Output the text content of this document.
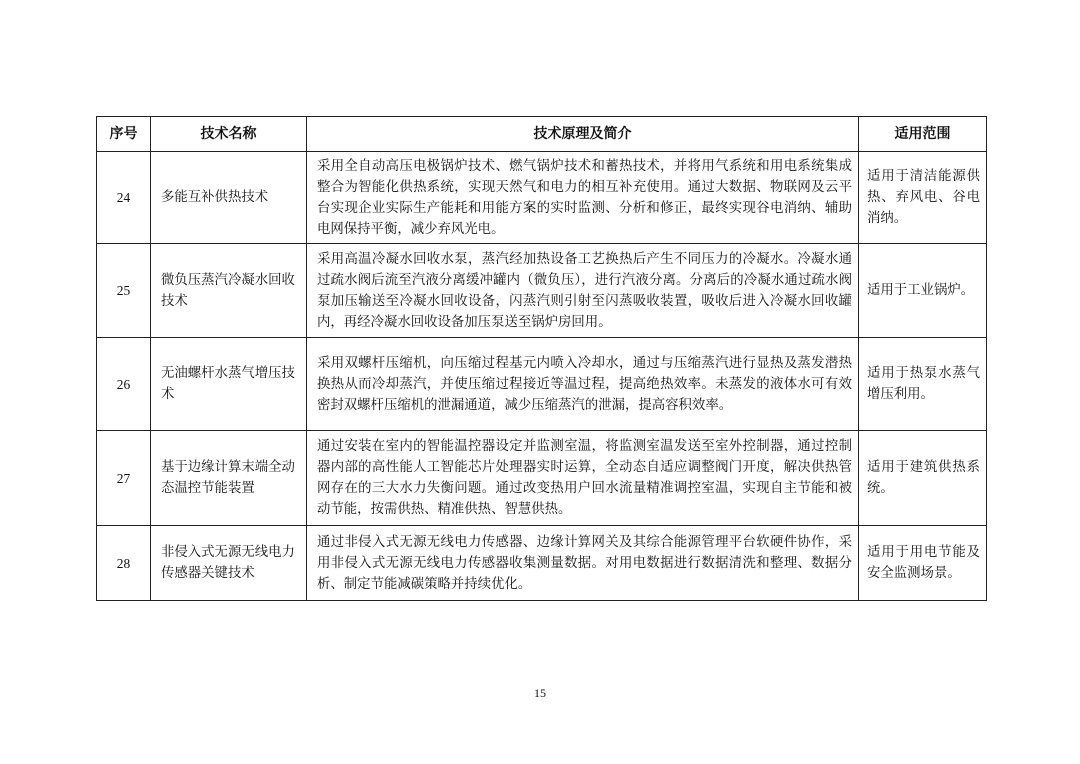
序号	技术名称	技术原理及简介	适用范围
24	多能互补供热技术	采用全自动高压电极锅炉技术、燃气锅炉技术和蓄热技术，并将用气系统和用电系统集成整合为智能化供热系统，实现天然气和电力的相互补充使用。通过大数据、物联网及云平台实现企业实际生产能耗和用能方案的实时监测、分析和修正，最终实现谷电消纳、辅助电网保持平衡，减少弃风光电。	适用于清洁能源供热、弃风电、谷电消纳。
25	微负压蒸汽冷凝水回收技术	采用高温冷凝水回收水泵，蒸汽经加热设备工艺换热后产生不同压力的冷凝水。冷凝水通过疏水阀后流至汽液分离缓冲罐内（微负压），进行汽液分离。分离后的冷凝水通过疏水阀泵加压输送至冷凝水回收设备，闪蒸汽则引射至闪蒸吸收装置，吸收后进入冷凝水回收罐内，再经冷凝水回收设备加压泵送至锅炉房回用。	适用于工业锅炉。
26	无油螺杆水蒸气增压技术	采用双螺杆压缩机，向压缩过程基元内喷入冷却水，通过与压缩蒸汽进行显热及蒸发潜热换热从而冷却蒸汽，并使压缩过程接近等温过程，提高绝热效率。未蒸发的液体水可有效密封双螺杆压缩机的泄漏通道，减少压缩蒸汽的泄漏，提高容积效率。	适用于热泵水蒸气增压利用。
27	基于边缘计算末端全动态温控节能装置	通过安装在室内的智能温控器设定并监测室温，将监测室温发送至室外控制器，通过控制器内部的高性能人工智能芯片处理器实时运算，全动态自适应调整阀门开度，解决供热管网存在的三大水力失衡问题。通过改变热用户回水流量精准调控室温，实现自主节能和被动节能，按需供热、精准供热、智慧供热。	适用于建筑供热系统。
28	非侵入式无源无线电力传感器关键技术	通过非侵入式无源无线电力传感器、边缘计算网关及其综合能源管理平台软硬件协作，采用非侵入式无源无线电力传感器收集测量数据。对用电数据进行数据清洗和整理、数据分析、制定节能减碳策略并持续优化。	适用于用电节能及安全监测场景。
15
